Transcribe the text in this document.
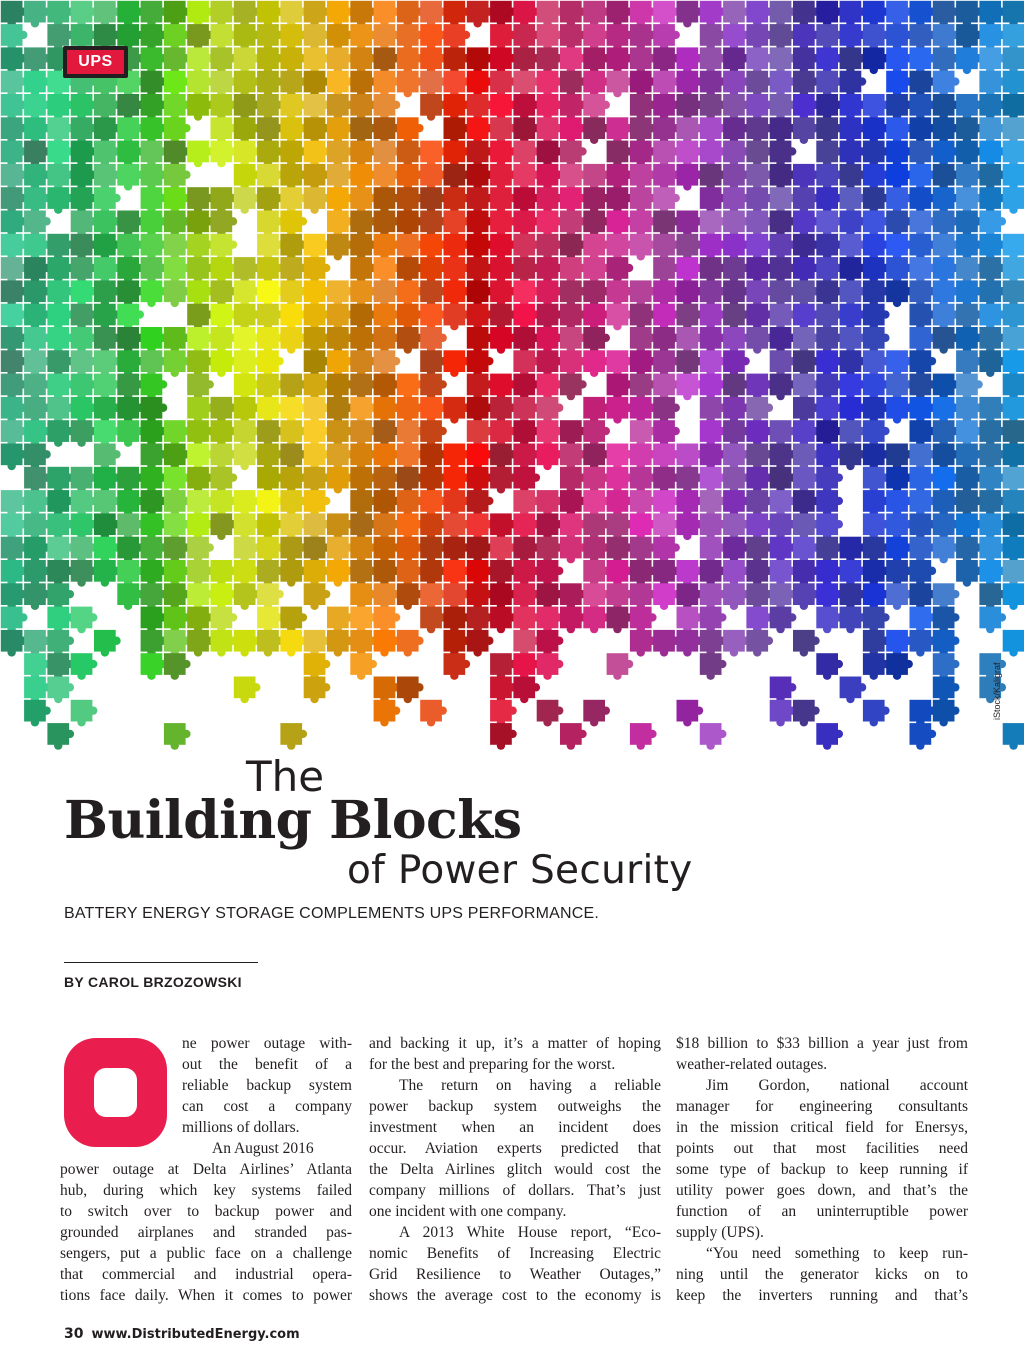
UPS
iStock/Kaligraf
The
Building Blocks
of Power Security
BATTERY ENERGY STORAGE COMPLEMENTS UPS PERFORMANCE.
BY CAROL BRZOZOWSKI
ne power outage with-
out the benefit of a
reliable backup system
can cost a company
millions of dollars.
An August 2016
power outage at Delta Airlines’ Atlanta
hub, during which key systems failed
to switch over to backup power and
grounded airplanes and stranded pas-
sengers, put a public face on a challenge
that commercial and industrial opera-
tions face daily. When it comes to power
and backing it up, it’s a matter of hoping
for the best and preparing for the worst.
The return on having a reliable
power backup system outweighs the
investment when an incident does
occur. Aviation experts predicted that
the Delta Airlines glitch would cost the
company millions of dollars. That’s just
one incident with one company.
A 2013 White House report, “Eco-
nomic Benefits of Increasing Electric
Grid Resilience to Weather Outages,”
shows the average cost to the economy is
$18 billion to $33 billion a year just from
weather-related outages.
Jim Gordon, national account
manager for engineering consultants
in the mission critical field for Enersys,
points out that most facilities need
some type of backup to keep running if
utility power goes down, and that’s the
function of an uninterruptible power
supply (UPS).
“You need something to keep run-
ning until the generator kicks on to
keep the inverters running and that’s
30 www.DistributedEnergy.com
